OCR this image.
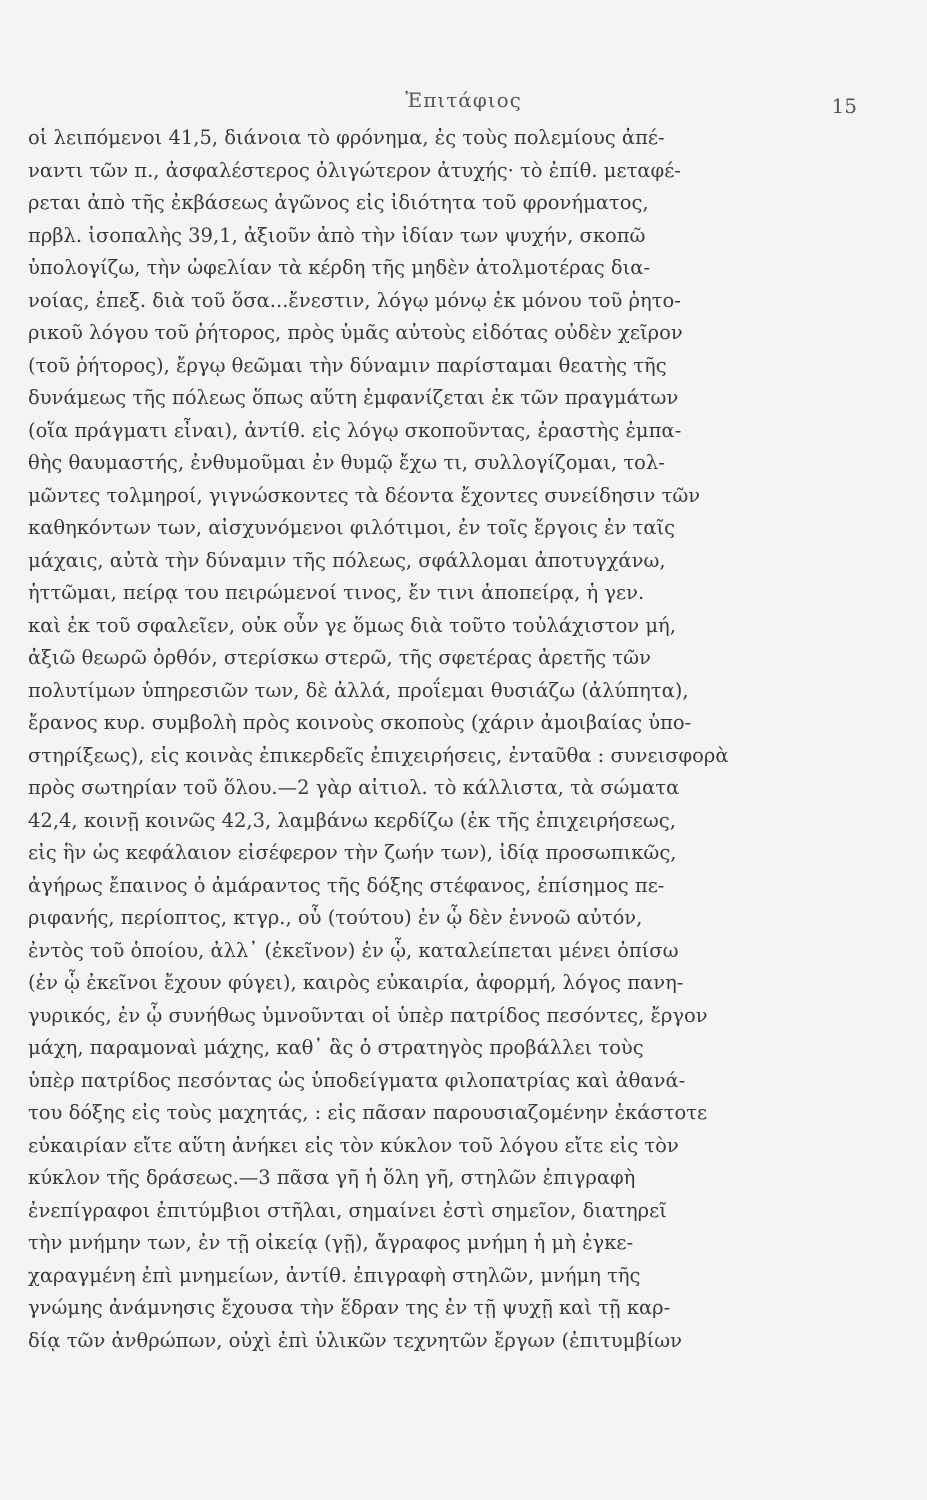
Ἐπιτάφιος	15
οἱ λειπόμενοι 41,5, διάνοια τὸ φρόνημα, ἐς τοὺς πολεμίους ἀπέ-
ναντι τῶν π., ἀσφαλέστερος ὀλιγώτερον ἀτυχής· τὸ ἐπίθ. μεταφέ-
ρεται ἀπὸ τῆς ἐκβάσεως ἀγῶνος εἰς ἰδιότητα τοῦ φρονήματος,
πρβλ. ἰσοπαλὴς 39,1, ἀξιοῦν ἀπὸ τὴν ἰδίαν των ψυχήν, σκοπῶ
ὑπολογίζω, τὴν ὠφελίαν τὰ κέρδη τῆς μηδὲν ἀτολμοτέρας δια-
νοίας, ἐπεξ. διὰ τοῦ ὅσα...ἔνεστιν, λόγῳ μόνῳ ἐκ μόνου τοῦ ῥητο-
ρικοῦ λόγου τοῦ ῥήτορος, πρὸς ὑμᾶς αὐτοὺς εἰδότας οὐδὲν χεῖρον
(τοῦ ῥήτορος), ἔργῳ θεῶμαι τὴν δύναμιν παρίσταμαι θεατὴς τῆς
δυνάμεως τῆς πόλεως ὅπως αὕτη ἐμφανίζεται ἐκ τῶν πραγμάτων
(οἵα πράγματι εἶναι), ἀντίθ. εἰς λόγῳ σκοποῦντας, ἐραστὴς ἐμπα-
θὴς θαυμαστής, ἐνθυμοῦμαι ἐν θυμῷ ἔχω τι, συλλογίζομαι, τολ-
μῶντες τολμηροί, γιγνώσκοντες τὰ δέοντα ἔχοντες συνείδησιν τῶν
καθηκόντων των, αἰσχυνόμενοι φιλότιμοι, ἐν τοῖς ἔργοις ἐν ταῖς
μάχαις, αὐτὰ τὴν δύναμιν τῆς πόλεως, σφάλλομαι ἀποτυγχάνω,
ἡττῶμαι, πείρᾳ του πειρώμενοί τινος, ἔν τινι ἀποπείρᾳ, ἡ γεν.
καὶ ἐκ τοῦ σφαλεῖεν, οὐκ οὖν γε ὅμως διὰ τοῦτο τοὐλάχιστον μή,
ἀξιῶ θεωρῶ ὀρθόν, στερίσκω στερῶ, τῆς σφετέρας ἀρετῆς τῶν
πολυτίμων ὑπηρεσιῶν των, δὲ ἀλλά, προΐεμαι θυσιάζω (ἀλύπητα),
ἔρανος κυρ. συμβολὴ πρὸς κοινοὺς σκοποὺς (χάριν ἀμοιβαίας ὑπο-
στηρίξεως), εἰς κοινὰς ἐπικερδεῖς ἐπιχειρήσεις, ἐνταῦθα : συνεισφορὰ
πρὸς σωτηρίαν τοῦ ὅλου.—2 γὰρ αἰτιολ. τὸ κάλλιστα, τὰ σώματα
42,4, κοινῇ κοινῶς 42,3, λαμβάνω κερδίζω (ἐκ τῆς ἐπιχειρήσεως,
εἰς ἣν ὡς κεφάλαιον εἰσέφερον τὴν ζωήν των), ἰδίᾳ προσωπικῶς,
ἀγήρως ἔπαινος ὁ ἀμάραντος τῆς δόξης στέφανος, ἐπίσημος πε-
ριφανής, περίοπτος, κτγρ., οὗ (τούτου) ἐν ᾧ δὲν ἐννοῶ αὐτόν,
ἐντὸς τοῦ ὁποίου, ἀλλ᾽ (ἐκεῖνον) ἐν ᾧ, καταλείπεται μένει ὀπίσω
(ἐν ᾧ ἐκεῖνοι ἔχουν φύγει), καιρὸς εὐκαιρία, ἀφορμή, λόγος πανη-
γυρικός, ἐν ᾧ συνήθως ὑμνοῦνται οἱ ὑπὲρ πατρίδος πεσόντες, ἔργον
μάχη, παραμοναὶ μάχης, καθ᾽ ἃς ὁ στρατηγὸς προβάλλει τοὺς
ὑπὲρ πατρίδος πεσόντας ὡς ὑποδείγματα φιλοπατρίας καὶ ἀθανά-
του δόξης εἰς τοὺς μαχητάς, : εἰς πᾶσαν παρουσιαζομένην ἑκάστοτε
εὐκαιρίαν εἴτε αὕτη ἀνήκει εἰς τὸν κύκλον τοῦ λόγου εἴτε εἰς τὸν
κύκλον τῆς δράσεως.—3 πᾶσα γῆ ἡ ὅλη γῆ, στηλῶν ἐπιγραφὴ
ἐνεπίγραφοι ἐπιτύμβιοι στῆλαι, σημαίνει ἐστὶ σημεῖον, διατηρεῖ
τὴν μνήμην των, ἐν τῇ οἰκείᾳ (γῇ), ἄγραφος μνήμη ἡ μὴ ἐγκε-
χαραγμένη ἐπὶ μνημείων, ἀντίθ. ἐπιγραφὴ στηλῶν, μνήμη τῆς
γνώμης ἀνάμνησις ἔχουσα τὴν ἕδραν της ἐν τῇ ψυχῇ καὶ τῇ καρ-
δίᾳ τῶν ἀνθρώπων, οὐχὶ ἐπὶ ὑλικῶν τεχνητῶν ἔργων (ἐπιτυμβίων
